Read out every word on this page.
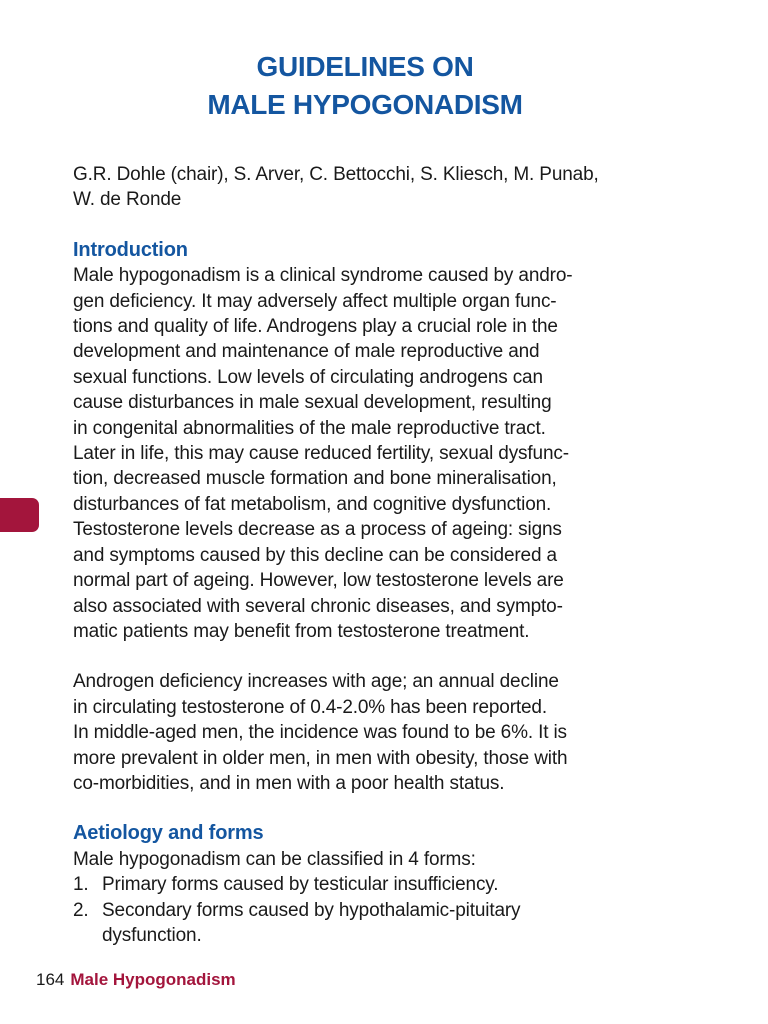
GUIDELINES ON
MALE HYPOGONADISM
G.R. Dohle (chair), S. Arver, C. Bettocchi, S. Kliesch, M. Punab,
W. de Ronde
Introduction
Male hypogonadism is a clinical syndrome caused by andro-
gen deficiency. It may adversely affect multiple organ func-
tions and quality of life. Androgens play a crucial role in the
development and maintenance of male reproductive and
sexual functions. Low levels of circulating androgens can
cause disturbances in male sexual development, resulting
in congenital abnormalities of the male reproductive tract.
Later in life, this may cause reduced fertility, sexual dysfunc-
tion, decreased muscle formation and bone mineralisation,
disturbances of fat metabolism, and cognitive dysfunction.
Testosterone levels decrease as a process of ageing: signs
and symptoms caused by this decline can be considered a
normal part of ageing. However, low testosterone levels are
also associated with several chronic diseases, and sympto-
matic patients may benefit from testosterone treatment.
Androgen deficiency increases with age; an annual decline
in circulating testosterone of 0.4-2.0% has been reported.
In middle-aged men, the incidence was found to be 6%. It is
more prevalent in older men, in men with obesity, those with
co-morbidities, and in men with a poor health status.
Aetiology and forms
Male hypogonadism can be classified in 4 forms:
1. Primary forms caused by testicular insufficiency.
2. Secondary forms caused by hypothalamic-pituitary
dysfunction.
164 Male Hypogonadism
